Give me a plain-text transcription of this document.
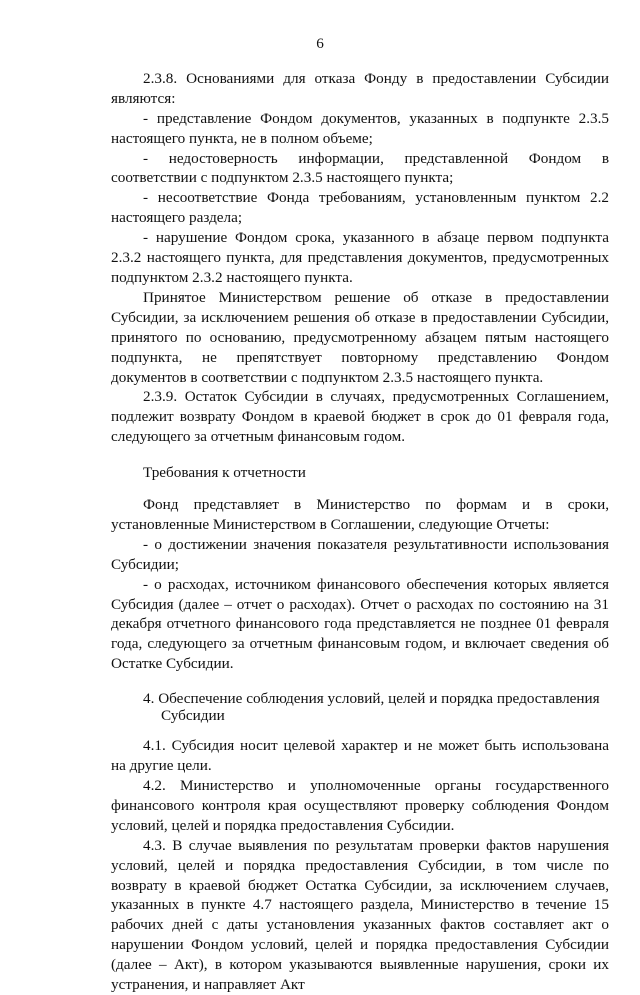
6

2.3.8. Основаниями для отказа Фонду в предоставлении Субсидии являются:

- представление Фондом документов, указанных в подпункте 2.3.5 настоящего пункта, не в полном объеме;

- недостоверность информации, представленной Фондом в соответствии с подпунктом 2.3.5 настоящего пункта;

- несоответствие Фонда требованиям, установленным пунктом 2.2 настоящего раздела;

- нарушение Фондом срока, указанного в абзаце первом подпункта 2.3.2 настоящего пункта, для представления документов, предусмотренных подпунктом 2.3.2 настоящего пункта.

Принятое Министерством решение об отказе в предоставлении Субсидии, за исключением решения об отказе в предоставлении Субсидии, принятого по основанию, предусмотренному абзацем пятым настоящего подпункта, не препятствует повторному представлению Фондом документов в соответствии с подпунктом 2.3.5 настоящего пункта.

2.3.9. Остаток Субсидии в случаях, предусмотренных Соглашением, подлежит возврату Фондом в краевой бюджет в срок до 01 февраля года, следующего за отчетным финансовым годом.

Требования к отчетности

Фонд представляет в Министерство по формам и в сроки, установленные Министерством в Соглашении, следующие Отчеты:

- о достижении значения показателя результативности использования Субсидии;

- о расходах, источником финансового обеспечения которых является Субсидия (далее – отчет о расходах). Отчет о расходах по состоянию на 31 декабря отчетного финансового года представляется не позднее 01 февраля года, следующего за отчетным финансовым годом, и включает сведения об Остатке Субсидии.

4. Обеспечение соблюдения условий, целей и порядка предоставления
Субсидии

4.1. Субсидия носит целевой характер и не может быть использована на другие цели.

4.2. Министерство и уполномоченные органы государственного финансового контроля края осуществляют проверку соблюдения Фондом условий, целей и порядка предоставления Субсидии.

4.3. В случае выявления по результатам проверки фактов нарушения условий, целей и порядка предоставления Субсидии, в том числе по возврату в краевой бюджет Остатка Субсидии, за исключением случаев, указанных в пункте 4.7 настоящего раздела, Министерство в течение 15 рабочих дней с даты установления указанных фактов составляет акт о нарушении Фондом условий, целей и порядка предоставления Субсидии (далее – Акт), в котором указываются выявленные нарушения, сроки их устранения, и направляет Акт
